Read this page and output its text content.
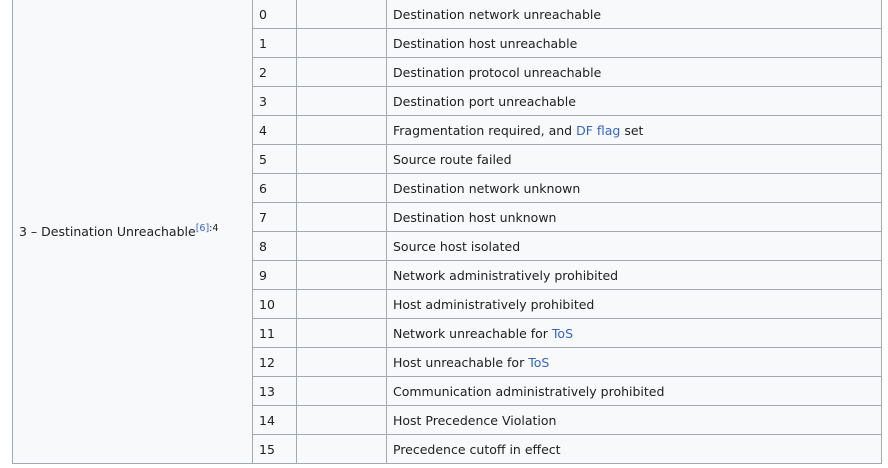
3 – Destination Unreachable$^{[6]:4}$	0		Destination network unreachable
	1		Destination host unreachable
	2		Destination protocol unreachable
	3		Destination port unreachable
	4		Fragmentation required, and DF flag set
	5		Source route failed
	6		Destination network unknown
	7		Destination host unknown
	8		Source host isolated
	9		Network administratively prohibited
	10		Host administratively prohibited
	11		Network unreachable for ToS
	12		Host unreachable for ToS
	13		Communication administratively prohibited
	14		Host Precedence Violation
	15		Precedence cutoff in effect
